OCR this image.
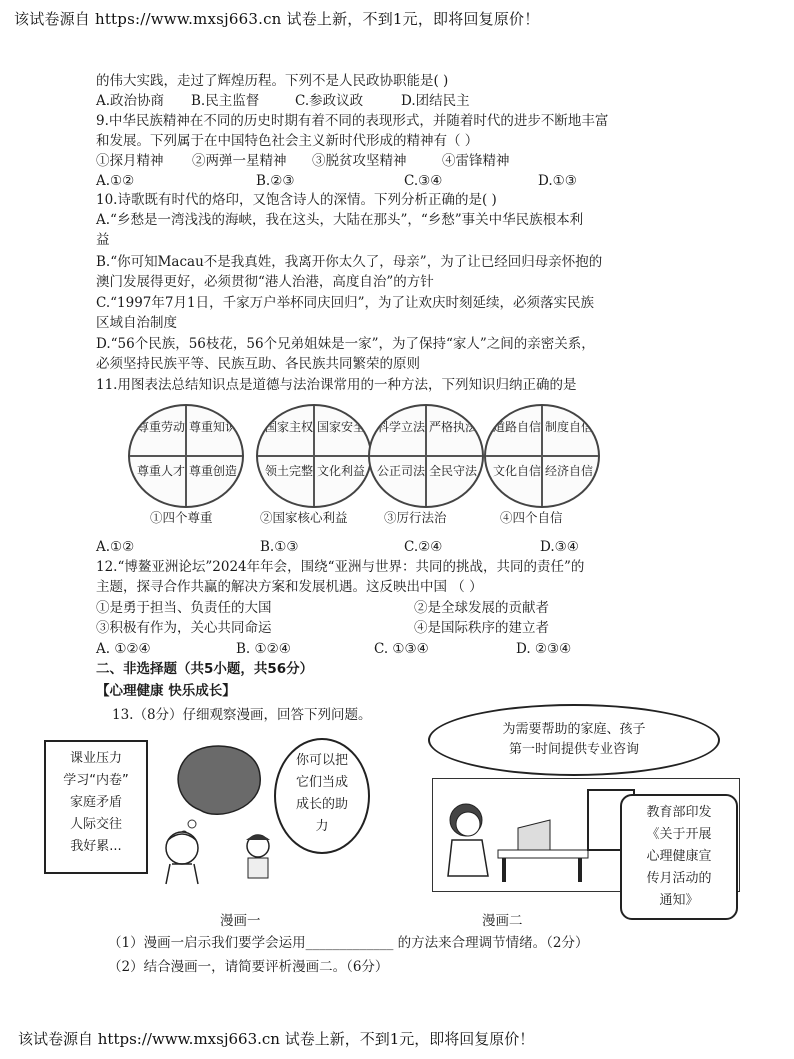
该试卷源自 https://www.mxsj663.cn 试卷上新，不到1元，即将回复原价！
的伟大实践，走过了辉煌历程。下列不是人民政协职能是( )
A.政治协商 B.民主监督	C.参政议政	D.团结民主
9.中华民族精神在不同的历史时期有着不同的表现形式，并随着时代的进步不断地丰富
和发展。下列属于在中国特色社会主义新时代形成的精神有（ ）
①探月精神 ②两弹一星精神 ③脱贫攻坚精神	④雷锋精神
A.①②	B.②③	C.③④	D.①③
10.诗歌既有时代的烙印，又饱含诗人的深情。下列分析正确的是( )
A.“乡愁是一湾浅浅的海峡，我在这头，大陆在那头”，“乡愁”事关中华民族根本利
益
B.“你可知Macau不是我真姓，我离开你太久了，母亲”，为了让已经回归母亲怀抱的
澳门发展得更好，必须贯彻“港人治港，高度自治”的方针
C.“1997年7月1日，千家万户举杯同庆回归”，为了让欢庆时刻延续，必须落实民族
区域自治制度
D.“56个民族，56枝花，56个兄弟姐妹是一家”，为了保持“家人”之间的亲密关系，
必须坚持民族平等、民族互助、各民族共同繁荣的原则
11.用图表法总结知识点是道德与法治课常用的一种方法，下列知识归纳正确的是
尊重劳动 尊重知识
尊重人才 尊重创造
国家主权 国家安全
领土完整 文化利益
科学立法 严格执法
公正司法 全民守法
道路自信 制度自信
文化自信 经济自信
①四个尊重	②国家核心利益	③厉行法治	④四个自信
A.①②	B.①③	C.②④	D.③④
12.“博鳌亚洲论坛”2024年年会，围绕“亚洲与世界：共同的挑战，共同的责任”的
主题，探寻合作共赢的解决方案和发展机遇。这反映出中国 （ ）
①是勇于担当、负责任的大国	②是全球发展的贡献者
③积极有作为，关心共同命运	④是国际秩序的建立者
A. ①②④	B. ①②④	C. ①③④	D. ②③④
二、非选择题（共5小题，共56分）
【心理健康 快乐成长】
13.（8分）仔细观察漫画，回答下列问题。
课业压力
学习“内卷”
家庭矛盾
人际交往
我好累...
你可以把
它们当成
成长的助
力
为需要帮助的家庭、孩子
第一时间提供专业咨询
教育部印发
《关于开展
心理健康宣
传月活动的
通知》
漫画一	漫画二
（1）漫画一启示我们要学会运用_____________ 的方法来合理调节情绪。（2分）
（2）结合漫画一，请简要评析漫画二。（6分）
该试卷源自 https://www.mxsj663.cn 试卷上新，不到1元，即将回复原价！
